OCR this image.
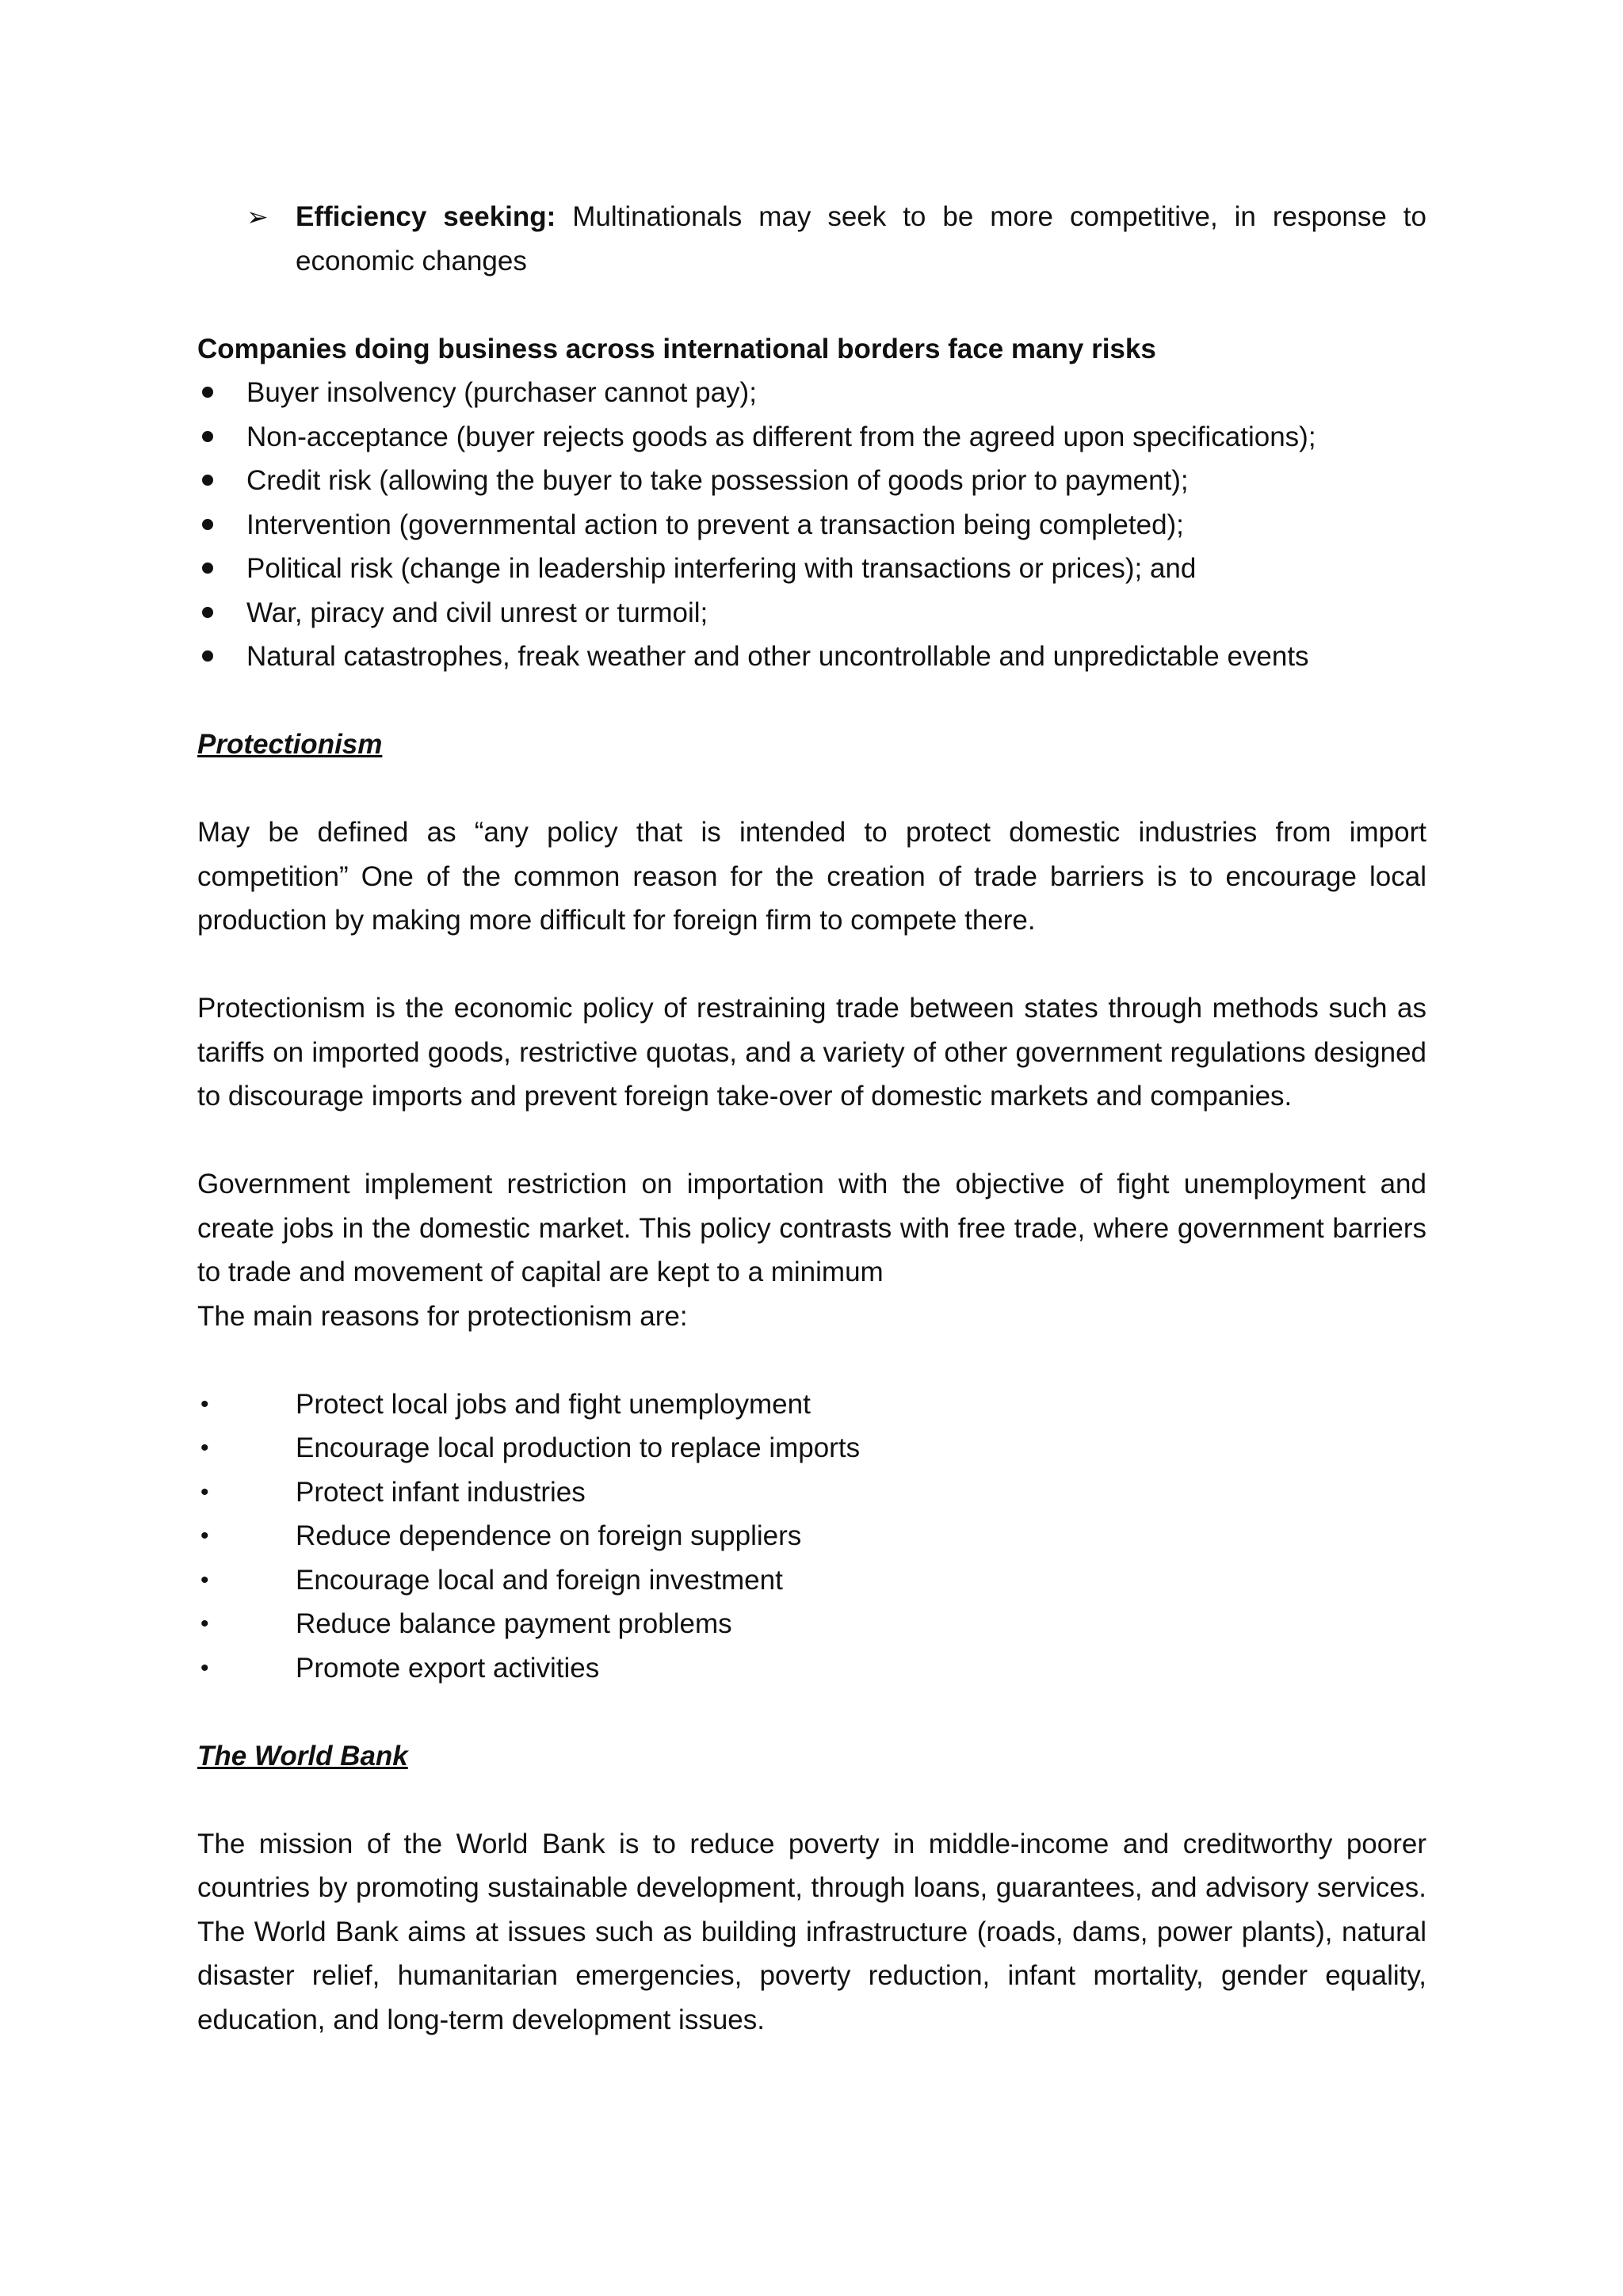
➢ Efficiency seeking: Multinationals may seek to be more competitive, in response to economic changes

Companies doing business across international borders face many risks

Buyer insolvency (purchaser cannot pay);
Non-acceptance (buyer rejects goods as different from the agreed upon specifications);
Credit risk (allowing the buyer to take possession of goods prior to payment);
Intervention (governmental action to prevent a transaction being completed);
Political risk (change in leadership interfering with transactions or prices); and
War, piracy and civil unrest or turmoil;
Natural catastrophes, freak weather and other uncontrollable and unpredictable events

Protectionism

May be defined as “any policy that is intended to protect domestic industries from import competition” One of the common reason for the creation of trade barriers is to encourage local production by making more difficult for foreign firm to compete there.

Protectionism is the economic policy of restraining trade between states through methods such as tariffs on imported goods, restrictive quotas, and a variety of other government regulations designed to discourage imports and prevent foreign take-over of domestic markets and companies.

Government implement restriction on importation with the objective of fight unemployment and create jobs in the domestic market. This policy contrasts with free trade, where government barriers to trade and movement of capital are kept to a minimum

The main reasons for protectionism are:

•	Protect local jobs and fight unemployment
•	Encourage local production to replace imports
•	Protect infant industries
•	Reduce dependence on foreign suppliers
•	Encourage local and foreign investment
•	Reduce balance payment problems
•	Promote export activities

The World Bank

The mission of the World Bank is to reduce poverty in middle-income and creditworthy poorer countries by promoting sustainable development, through loans, guarantees, and advisory services. The World Bank aims at issues such as building infrastructure (roads, dams, power plants), natural disaster relief, humanitarian emergencies, poverty reduction, infant mortality, gender equality, education, and long-term development issues.
